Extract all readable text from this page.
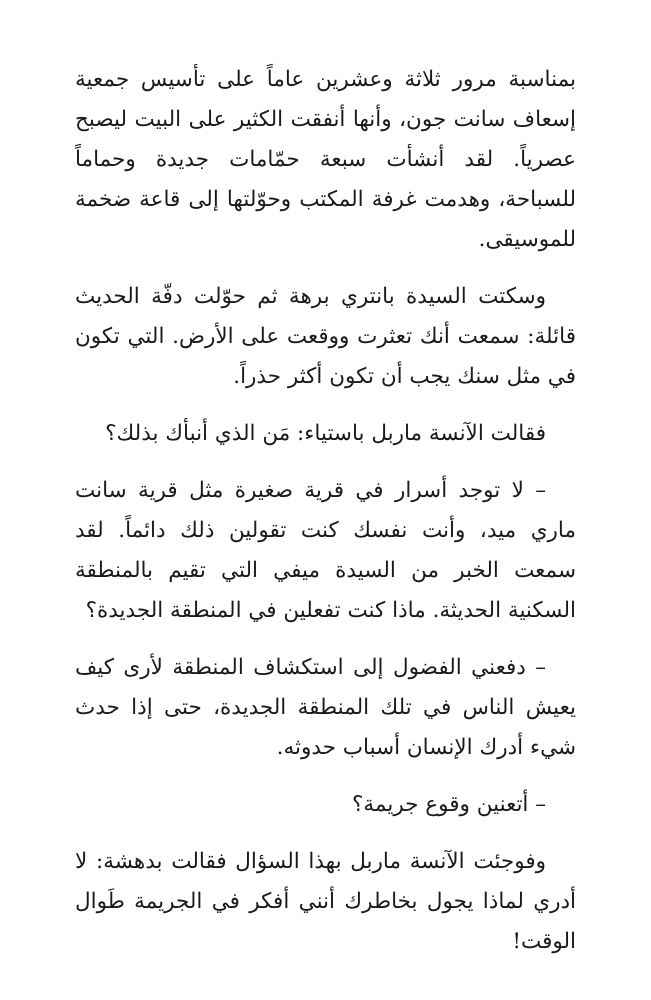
بمناسبة مرور ثلاثة وعشرين عاماً على تأسيس جمعية إسعاف سانت جون، وأنها أنفقت الكثير على البيت ليصبح عصرياً. لقد أنشأت سبعة حمّامات جديدة وحماماً للسباحة، وهدمت غرفة المكتب وحوّلتها إلى قاعة ضخمة للموسيقى.

وسكتت السيدة بانتري برهة ثم حوّلت دفّة الحديث قائلة: سمعت أنك تعثرت ووقعت على الأرض. التي تكون في مثل سنك يجب أن تكون أكثر حذراً.

فقالت الآنسة ماربل باستياء: مَن الذي أنبأك بذلك؟

– لا توجد أسرار في قرية صغيرة مثل قرية سانت ماري ميد، وأنت نفسك كنت تقولين ذلك دائماً. لقد سمعت الخبر من السيدة ميفي التي تقيم بالمنطقة السكنية الحديثة. ماذا كنت تفعلين في المنطقة الجديدة؟

– دفعني الفضول إلى استكشاف المنطقة لأرى كيف يعيش الناس في تلك المنطقة الجديدة، حتى إذا حدث شيء أدرك الإنسان أسباب حدوثه.

– أتعنين وقوع جريمة؟

وفوجئت الآنسة ماربل بهذا السؤال فقالت بدهشة: لا أدري لماذا يجول بخاطرك أنني أفكر في الجريمة طَوال الوقت!
